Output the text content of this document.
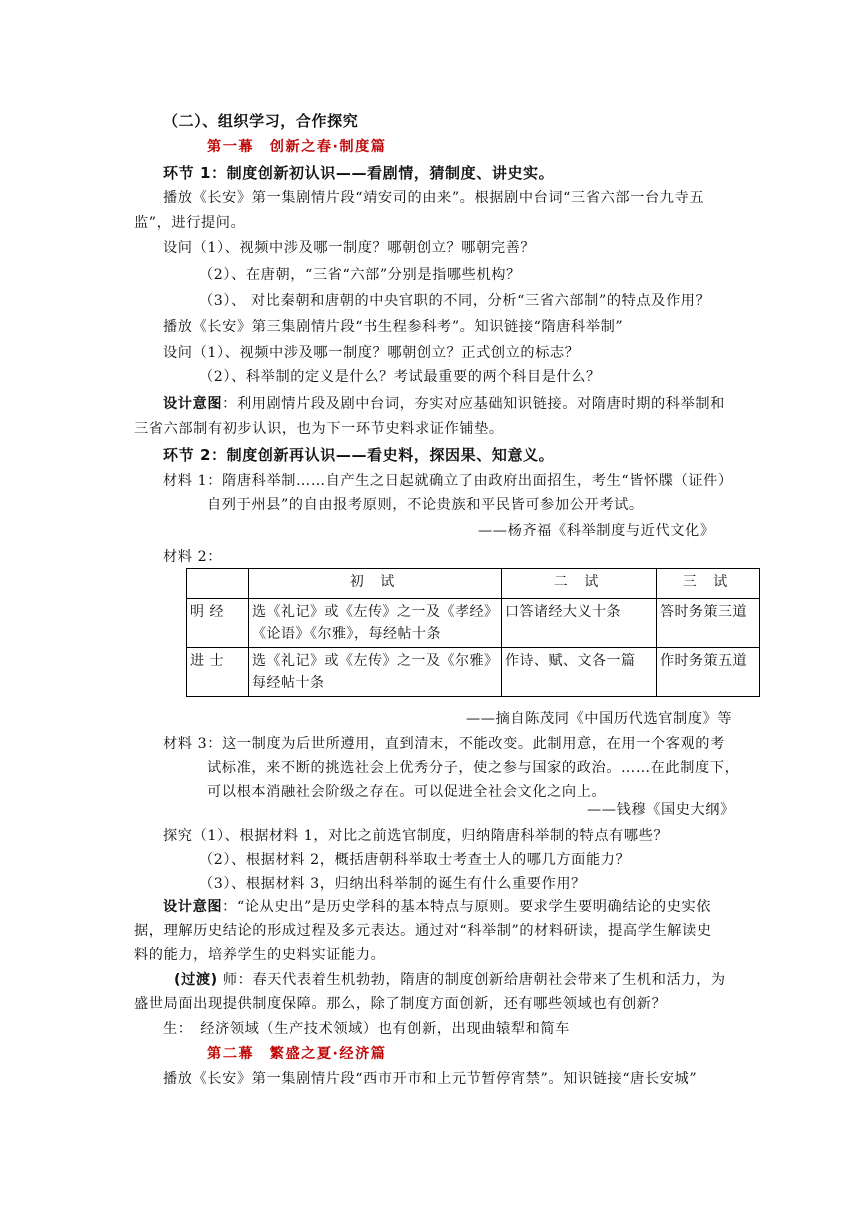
（二）、组织学习，合作探究
第一幕　创新之春·制度篇
环节 1：制度创新初认识——看剧情，猜制度、讲史实。
播放《长安》第一集剧情片段“靖安司的由来”。根据剧中台词“三省六部一台九寺五
监”，进行提问。
设问（1）、视频中涉及哪一制度？哪朝创立？哪朝完善？
（2）、在唐朝，“三省“六部”分别是指哪些机构？
（3）、 对比秦朝和唐朝的中央官职的不同，分析“三省六部制”的特点及作用？
播放《长安》第三集剧情片段“书生程参科考”。知识链接“隋唐科举制”
设问（1）、视频中涉及哪一制度？哪朝创立？正式创立的标志？
（2）、科举制的定义是什么？考试最重要的两个科目是什么？
设计意图：利用剧情片段及剧中台词，夯实对应基础知识链接。对隋唐时期的科举制和
三省六部制有初步认识，也为下一环节史料求证作铺垫。
环节 2：制度创新再认识——看史料，探因果、知意义。
材料 1：隋唐科举制……自产生之日起就确立了由政府出面招生，考生“皆怀牒（证件）
自列于州县”的自由报考原则，不论贵族和平民皆可参加公开考试。
——杨齐福《科举制度与近代文化》
材料 2：
	初 试	二 试	三 试
明 经	选《礼记》或《左传》之一及《孝经》
《论语》《尔雅》，每经帖十条	口答诸经大义十条	答时务策三道
进 士	选《礼记》或《左传》之一及《尔雅》
每经帖十条	作诗、赋、文各一篇	作时务策五道
——摘自陈茂同《中国历代选官制度》等
材料 3：这一制度为后世所遵用，直到清末，不能改变。此制用意，在用一个客观的考
试标准，来不断的挑选社会上优秀分子，使之参与国家的政治。……在此制度下，
可以根本消融社会阶级之存在。可以促进全社会文化之向上。
——钱穆《国史大纲》
探究（1）、根据材料 1，对比之前选官制度，归纳隋唐科举制的特点有哪些？
（2）、根据材料 2，概括唐朝科举取士考查士人的哪几方面能力？
（3）、根据材料 3，归纳出科举制的诞生有什么重要作用？
设计意图：“论从史出”是历史学科的基本特点与原则。要求学生要明确结论的史实依
据，理解历史结论的形成过程及多元表达。通过对“科举制”的材料研读，提高学生解读史
料的能力，培养学生的史料实证能力。
(过渡) 师：春天代表着生机勃勃，隋唐的制度创新给唐朝社会带来了生机和活力，为
盛世局面出现提供制度保障。那么，除了制度方面创新，还有哪些领域也有创新？
生：　经济领域（生产技术领域）也有创新，出现曲辕犁和简车
第二幕　繁盛之夏·经济篇
播放《长安》第一集剧情片段“西市开市和上元节暂停宵禁”。知识链接“唐长安城”
